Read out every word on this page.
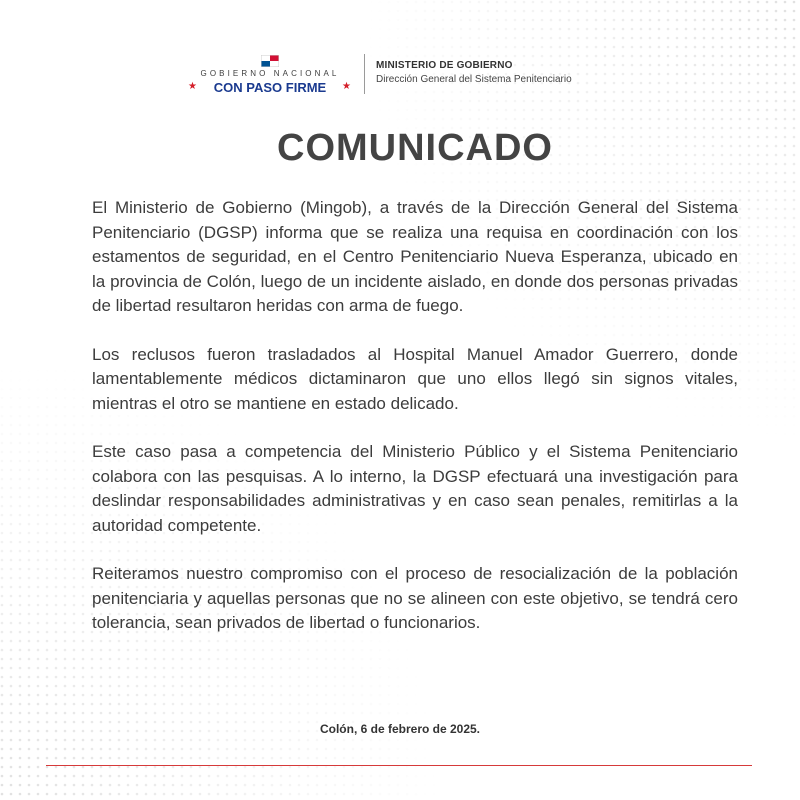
GOBIERNO NACIONAL
★	CON PASO FIRME	★
MINISTERIO DE GOBIERNO
Dirección General del Sistema Penitenciario
COMUNICADO

El Ministerio de Gobierno (Mingob), a través de la Dirección General del Sistema Penitenciario (DGSP) informa que se realiza una requisa en coordinación con los estamentos de seguridad, en el Centro Penitenciario Nueva Esperanza, ubicado en la provincia de Colón, luego de un incidente aislado, en donde dos personas privadas de libertad resultaron heridas con arma de fuego.

Los reclusos fueron trasladados al Hospital Manuel Amador Guerrero, donde lamentablemente médicos dictaminaron que uno ellos llegó sin signos vitales, mientras el otro se mantiene en estado delicado.

Este caso pasa a competencia del Ministerio Público y el Sistema Penitenciario colabora con las pesquisas. A lo interno, la DGSP efectuará una investigación para deslindar responsabilidades administrativas y en caso sean penales, remitirlas a la autoridad competente.

Reiteramos nuestro compromiso con el proceso de resocialización de la población penitenciaria y aquellas personas que no se alineen con este objetivo, se tendrá cero tolerancia, sean privados de libertad o funcionarios.

Colón, 6 de febrero de 2025.
